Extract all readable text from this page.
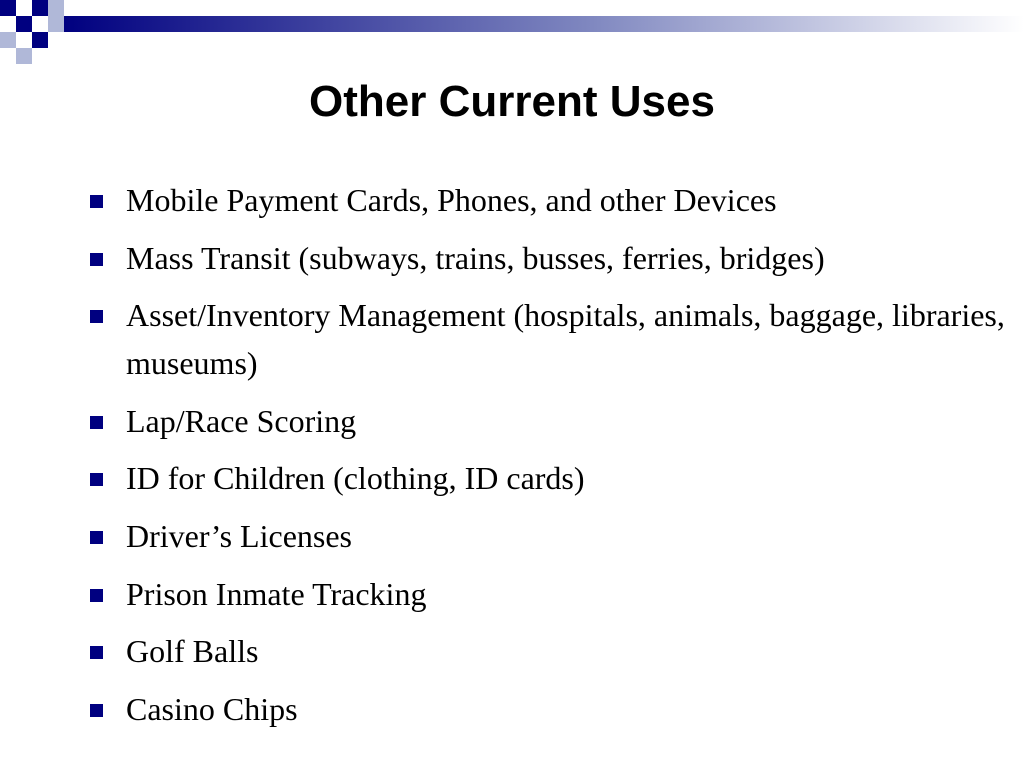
Other Current Uses
Mobile Payment Cards, Phones, and other Devices
Mass Transit (subways, trains, busses, ferries, bridges)
Asset/Inventory Management (hospitals, animals, baggage, libraries, museums)
Lap/Race Scoring
ID for Children (clothing, ID cards)
Driver’s Licenses
Prison Inmate Tracking
Golf Balls
Casino Chips
